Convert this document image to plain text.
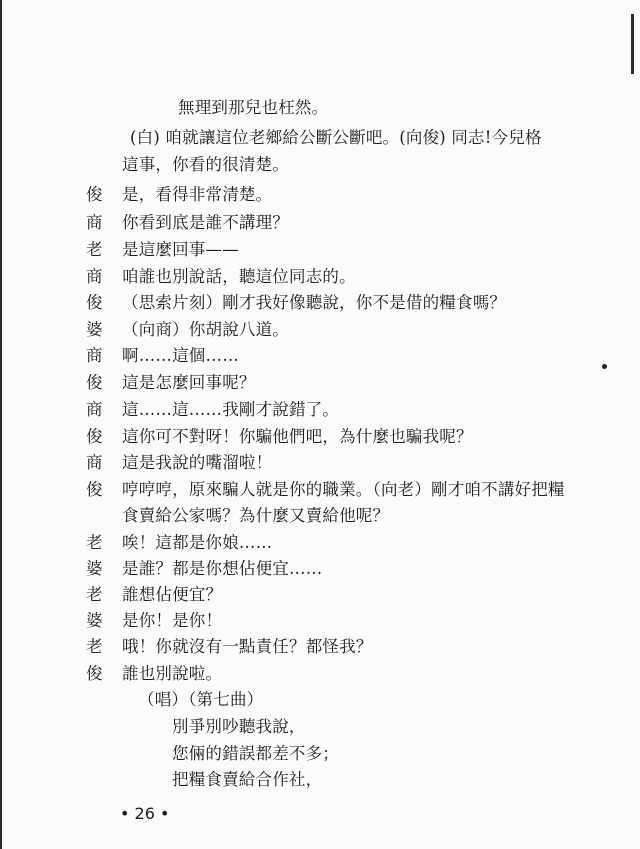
無理到那兒也枉然。
(白) 咱就讓這位老鄉給公斷公斷吧。(向俊) 同志!今兒格
這事，你看的很清楚。
俊	是，看得非常清楚。
商	你看到底是誰不講理？
老	是這麼回事——
商	咱誰也別說話，聽這位同志的。
俊	（思索片刻）剛才我好像聽說，你不是借的糧食嗎？
婆	（向商）你胡說八道。
商	啊……這個……
俊	這是怎麼回事呢？
商	這……這……我剛才說錯了。
俊	這你可不對呀！你騙他們吧，為什麼也騙我呢？
商	這是我說的嘴溜啦！
俊	哼哼哼，原來騙人就是你的職業。（向老）剛才咱不講好把糧
食賣給公家嗎？為什麼又賣給他呢？
老	唉！這都是你娘……
婆	是誰？都是你想佔便宜……
老	誰想佔便宜？
婆	是你！是你！
老	哦！你就沒有一點責任？都怪我？
俊	誰也別說啦。
（唱）（第七曲）
別爭別吵聽我說，
您倆的錯誤都差不多；
把糧食賣給合作社，
• 26 •
